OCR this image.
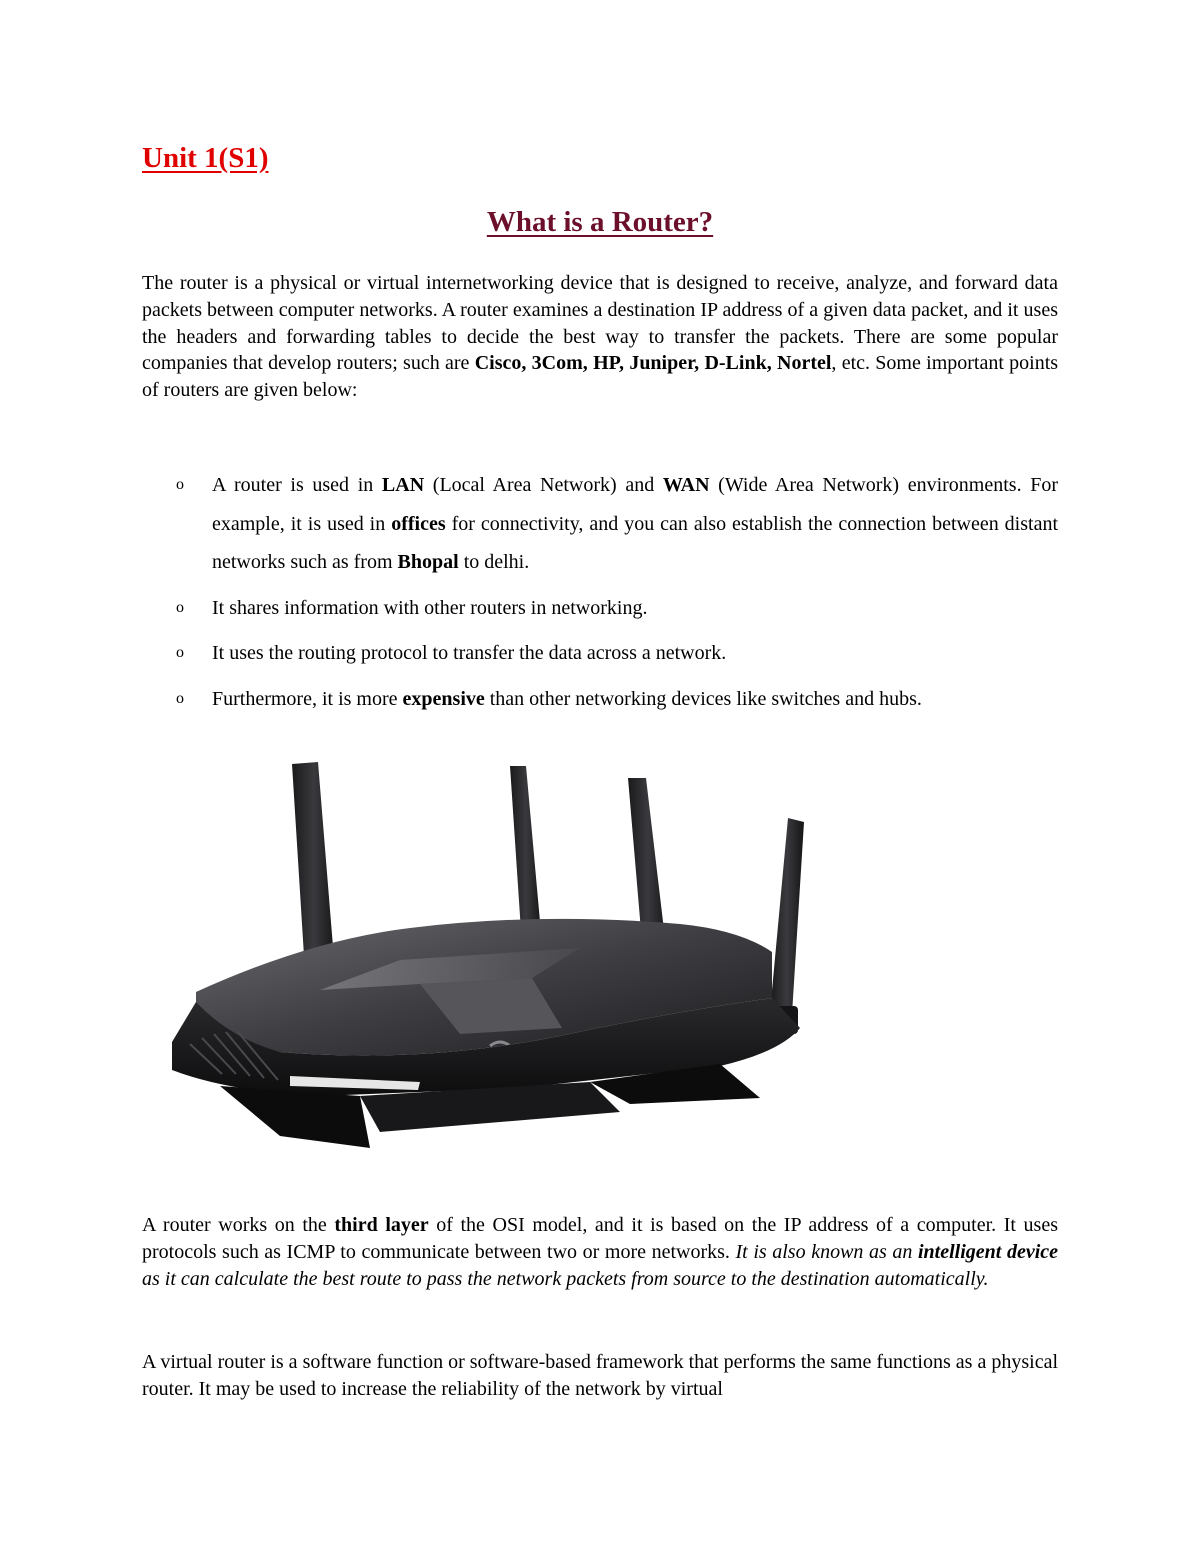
Unit 1(S1)
What is a Router?

The router is a physical or virtual internetworking device that is designed to receive, analyze, and forward data packets between computer networks. A router examines a destination IP address of a given data packet, and it uses the headers and forwarding tables to decide the best way to transfer the packets. There are some popular companies that develop routers; such are Cisco, 3Com, HP, Juniper, D-Link, Nortel, etc. Some important points of routers are given below:

o A router is used in LAN (Local Area Network) and WAN (Wide Area Network) environments. For example, it is used in offices for connectivity, and you can also establish the connection between distant networks such as from Bhopal to delhi.
o It shares information with other routers in networking.
o It uses the routing protocol to transfer the data across a network.
o Furthermore, it is more expensive than other networking devices like switches and hubs.

A router works on the third layer of the OSI model, and it is based on the IP address of a computer. It uses protocols such as ICMP to communicate between two or more networks. It is also known as an intelligent device as it can calculate the best route to pass the network packets from source to the destination automatically.

A virtual router is a software function or software-based framework that performs the same functions as a physical router. It may be used to increase the reliability of the network by virtual
